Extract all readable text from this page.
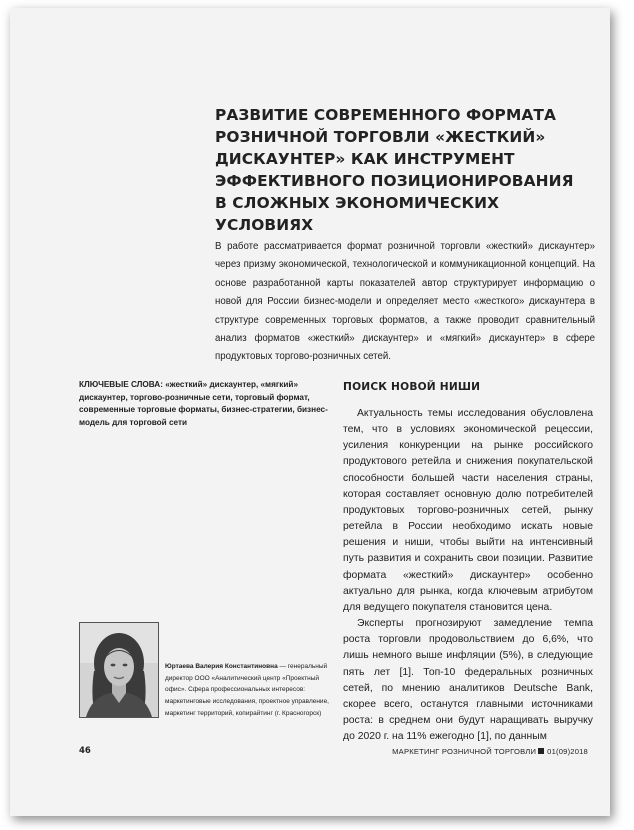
РАЗВИТИЕ СОВРЕМЕННОГО ФОРМАТА РОЗНИЧНОЙ ТОРГОВЛИ «ЖЕСТКИЙ» ДИСКАУНТЕР» КАК ИНСТРУМЕНТ ЭФФЕКТИВНОГО ПОЗИЦИОНИРОВАНИЯ В СЛОЖНЫХ ЭКОНОМИЧЕСКИХ УСЛОВИЯХ

В работе рассматривается формат розничной торговли «жесткий» дискаунтер» через призму экономической, технологической и коммуникационной концепций. На основе разработанной карты показателей автор структурирует информацию о новой для России бизнес-модели и определяет место «жесткого» дискаунтера в структуре современных торговых форматов, а также проводит сравнительный анализ форматов «жесткий» дискаунтер» и «мягкий» дискаунтер» в сфере продуктовых торгово-розничных сетей.

КЛЮЧЕВЫЕ СЛОВА: «жесткий» дискаунтер, «мягкий» дискаунтер, торгово-розничные сети, торговый формат, современные торговые форматы, бизнес-стратегии, бизнес-модель для торговой сети

ПОИСК НОВОЙ НИШИ

Актуальность темы исследования обусловлена тем, что в условиях экономической рецессии, усиления конкуренции на рынке российского продуктового ретейла и снижения покупательской способности большей части населения страны, которая составляет основную долю потребителей продуктовых торгово-розничных сетей, рынку ретейла в России необходимо искать новые решения и ниши, чтобы выйти на интенсивный путь развития и сохранить свои позиции. Развитие формата «жесткий» дискаунтер» особенно актуально для рынка, когда ключевым атрибутом для ведущего покупателя становится цена.

Эксперты прогнозируют замедление темпа роста торговли продовольствием до 6,6%, что лишь немного выше инфляции (5%), в следующие пять лет [1]. Топ-10 федеральных розничных сетей, по мнению аналитиков Deutsche Bank, скорее всего, останутся главными источниками роста: в среднем они будут наращивать выручку до 2020 г. на 11% ежегодно [1], по данным

Юртаева Валерия Константиновна — генеральный директор ООО «Аналитический центр «Проектный офис». Сфера профессиональных интересов: маркетинговые исследования, проектное управление, маркетинг территорий, копирайтинг (г. Красногорск)

46	МАРКЕТИНГ РОЗНИЧНОЙ ТОРГОВЛИ 01(09)2018
